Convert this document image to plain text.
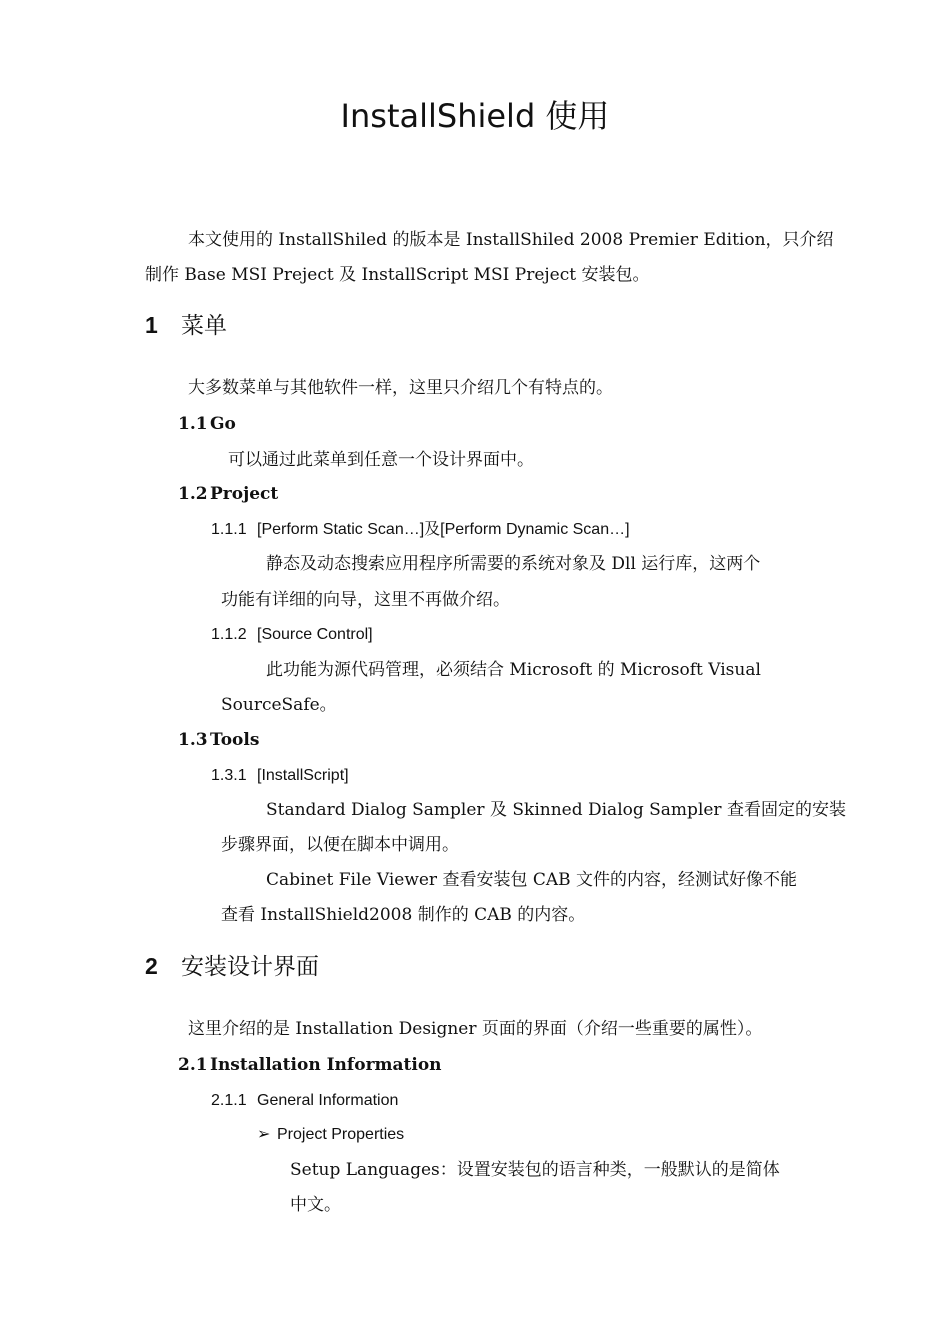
InstallShield 使用
本文使用的 InstallShiled 的版本是 InstallShiled 2008 Premier Edition，只介绍
制作 Base MSI Preject 及 InstallScript MSI Preject 安装包。
1 菜单
大多数菜单与其他软件一样，这里只介绍几个有特点的。
1.1 Go
可以通过此菜单到任意一个设计界面中。
1.2 Project
1.1.1 [Perform Static Scan…]及[Perform Dynamic Scan…]
静态及动态搜索应用程序所需要的系统对象及 Dll 运行库，这两个
功能有详细的向导，这里不再做介绍。
1.1.2 [Source Control]
此功能为源代码管理，必须结合 Microsoft 的 Microsoft Visual
SourceSafe。
1.3 Tools
1.3.1 [InstallScript]
Standard Dialog Sampler 及 Skinned Dialog Sampler 查看固定的安装
步骤界面，以便在脚本中调用。
Cabinet File Viewer 查看安装包 CAB 文件的内容，经测试好像不能
查看 InstallShield2008 制作的 CAB 的内容。
2 安装设计界面
这里介绍的是 Installation Designer 页面的界面（介绍一些重要的属性）。
2.1 Installation Information
2.1.1 General Information
➢ Project Properties
Setup Languages：设置安装包的语言种类，一般默认的是简体
中文。
